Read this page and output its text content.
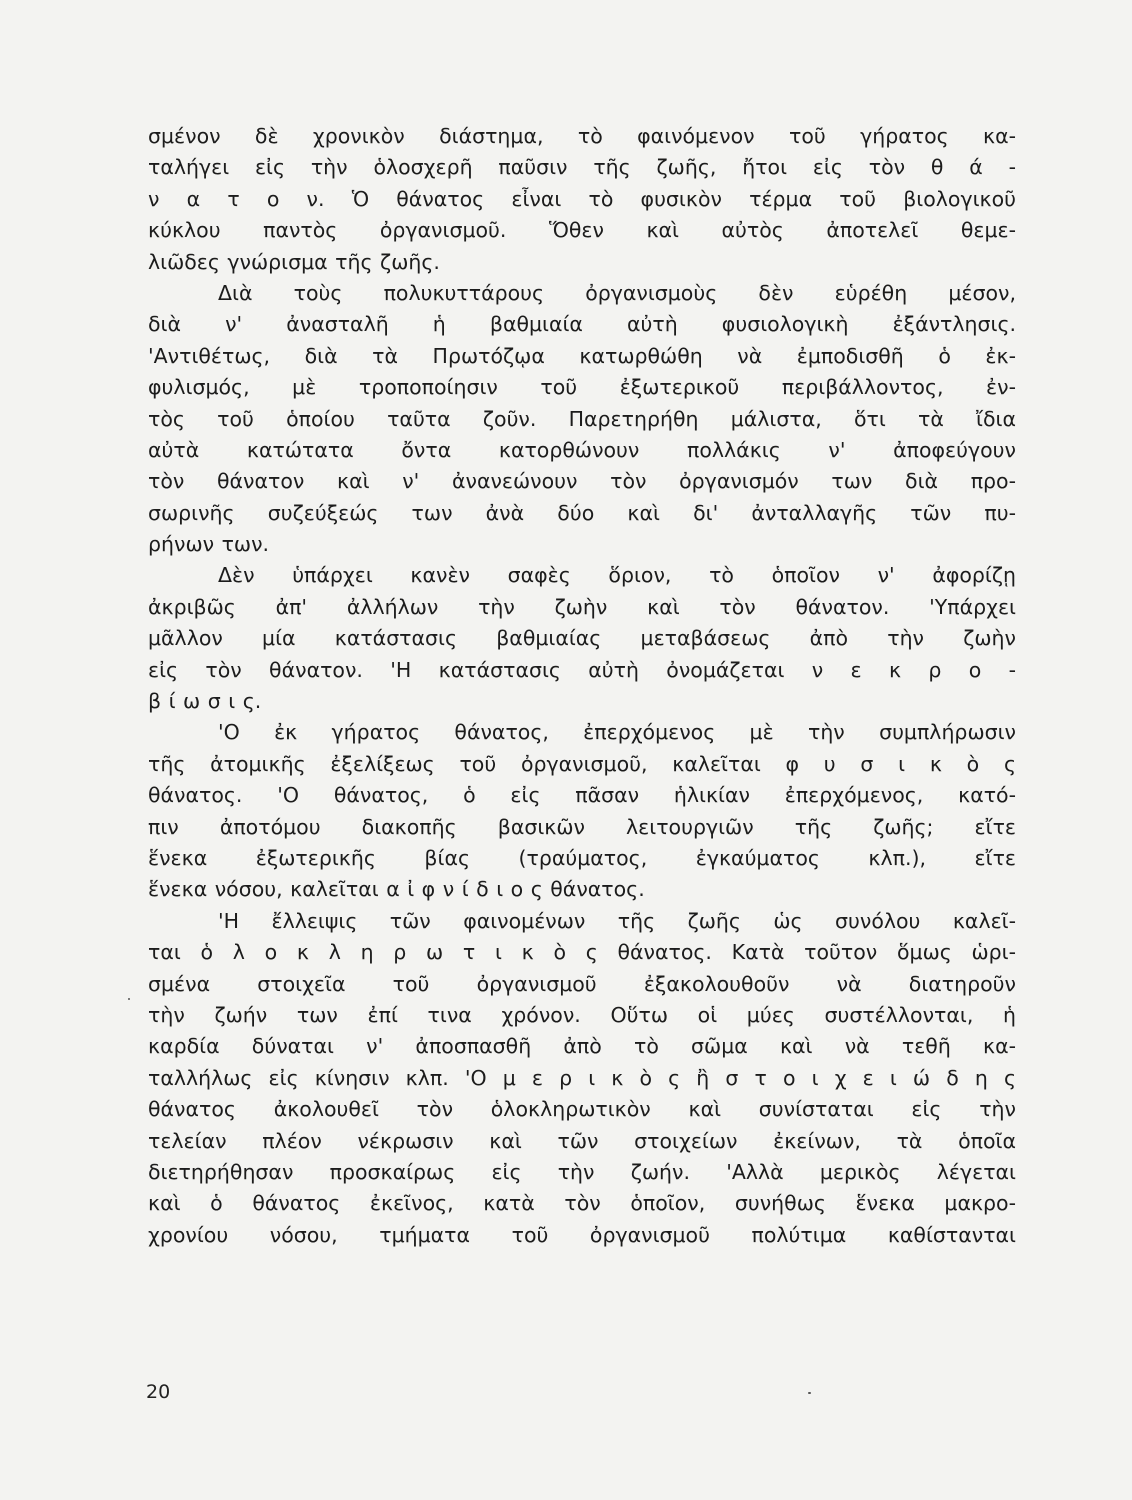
σμένον δὲ χρονικὸν διάστημα, τὸ φαινόμενον τοῦ γήρατος κα-
ταλήγει εἰς τὴν ὁλοσχερῆ παῦσιν τῆς ζωῆς, ἤτοι εἰς τὸν θ ά -
ν α τ ο ν. Ὁ θάνατος εἶναι τὸ φυσικὸν τέρμα τοῦ βιολογικοῦ
κύκλου παντὸς ὀργανισμοῦ. Ὅθεν καὶ αὐτὸς ἀποτελεῖ θεμε-
λιῶδες γνώρισμα τῆς ζωῆς.
Διὰ τοὺς πολυκυττάρους ὀργανισμοὺς δὲν εὑρέθη μέσον,
διὰ ν' ἀνασταλῆ ἡ βαθμιαία αὐτὴ φυσιολογικὴ ἐξάντλησις.
'Αντιθέτως, διὰ τὰ Πρωτόζῳα κατωρθώθη νὰ ἐμποδισθῆ ὁ ἐκ-
φυλισμός, μὲ τροποποίησιν τοῦ ἐξωτερικοῦ περιβάλλοντος, ἐν-
τὸς τοῦ ὁποίου ταῦτα ζοῦν. Παρετηρήθη μάλιστα, ὅτι τὰ ἴδια
αὐτὰ κατώτατα ὄντα κατορθώνουν πολλάκις ν' ἀποφεύγουν
τὸν θάνατον καὶ ν' ἀνανεώνουν τὸν ὀργανισμόν των διὰ προ-
σωρινῆς συζεύξεώς των ἀνὰ δύο καὶ δι' ἀνταλλαγῆς τῶν πυ-
ρήνων των.
Δὲν ὑπάρχει κανὲν σαφὲς ὅριον, τὸ ὁποῖον ν' ἀφορίζῃ
ἀκριβῶς ἀπ' ἀλλήλων τὴν ζωὴν καὶ τὸν θάνατον. 'Υπάρχει
μᾶλλον μία κατάστασις βαθμιαίας μεταβάσεως ἀπὸ τὴν ζωὴν
εἰς τὸν θάνατον. 'Η κατάστασις αὐτὴ ὀνομάζεται ν ε κ ρ ο -
β ί ω σ ι ς.
'Ο ἐκ γήρατος θάνατος, ἐπερχόμενος μὲ τὴν συμπλήρωσιν
τῆς ἀτομικῆς ἐξελίξεως τοῦ ὀργανισμοῦ, καλεῖται φ υ σ ι κ ὸ ς
θάνατος. 'Ο θάνατος, ὁ εἰς πᾶσαν ἡλικίαν ἐπερχόμενος, κατό-
πιν ἀποτόμου διακοπῆς βασικῶν λειτουργιῶν τῆς ζωῆς; εἴτε
ἕνεκα ἐξωτερικῆς βίας (τραύματος, ἐγκαύματος κλπ.), εἴτε
ἕνεκα νόσου, καλεῖται α ἰ φ ν ί δ ι ο ς θάνατος.
'Η ἔλλειψις τῶν φαινομένων τῆς ζωῆς ὡς συνόλου καλεῖ-
ται ὁ λ ο κ λ η ρ ω τ ι κ ὸ ς θάνατος. Κατὰ τοῦτον ὅμως ὡρι-
σμένα στοιχεῖα τοῦ ὀργανισμοῦ ἐξακολουθοῦν νὰ διατηροῦν
τὴν ζωήν των ἐπί τινα χρόνον. Οὕτω οἱ μύες συστέλλονται, ἡ
καρδία δύναται ν' ἀποσπασθῆ ἀπὸ τὸ σῶμα καὶ νὰ τεθῆ κα-
ταλλήλως εἰς κίνησιν κλπ. 'Ο μ ε ρ ι κ ὸ ς ἢ σ τ ο ι χ ε ι ώ δ η ς
θάνατος ἀκολουθεῖ τὸν ὁλοκληρωτικὸν καὶ συνίσταται εἰς τὴν
τελείαν πλέον νέκρωσιν καὶ τῶν στοιχείων ἐκείνων, τὰ ὁποῖα
διετηρήθησαν προσκαίρως εἰς τὴν ζωήν. 'Αλλὰ μερικὸς λέγεται
καὶ ὁ θάνατος ἐκεῖνος, κατὰ τὸν ὁποῖον, συνήθως ἕνεκα μακρο-
χρονίου νόσου, τμήματα τοῦ ὀργανισμοῦ πολύτιμα καθίστανται
20
